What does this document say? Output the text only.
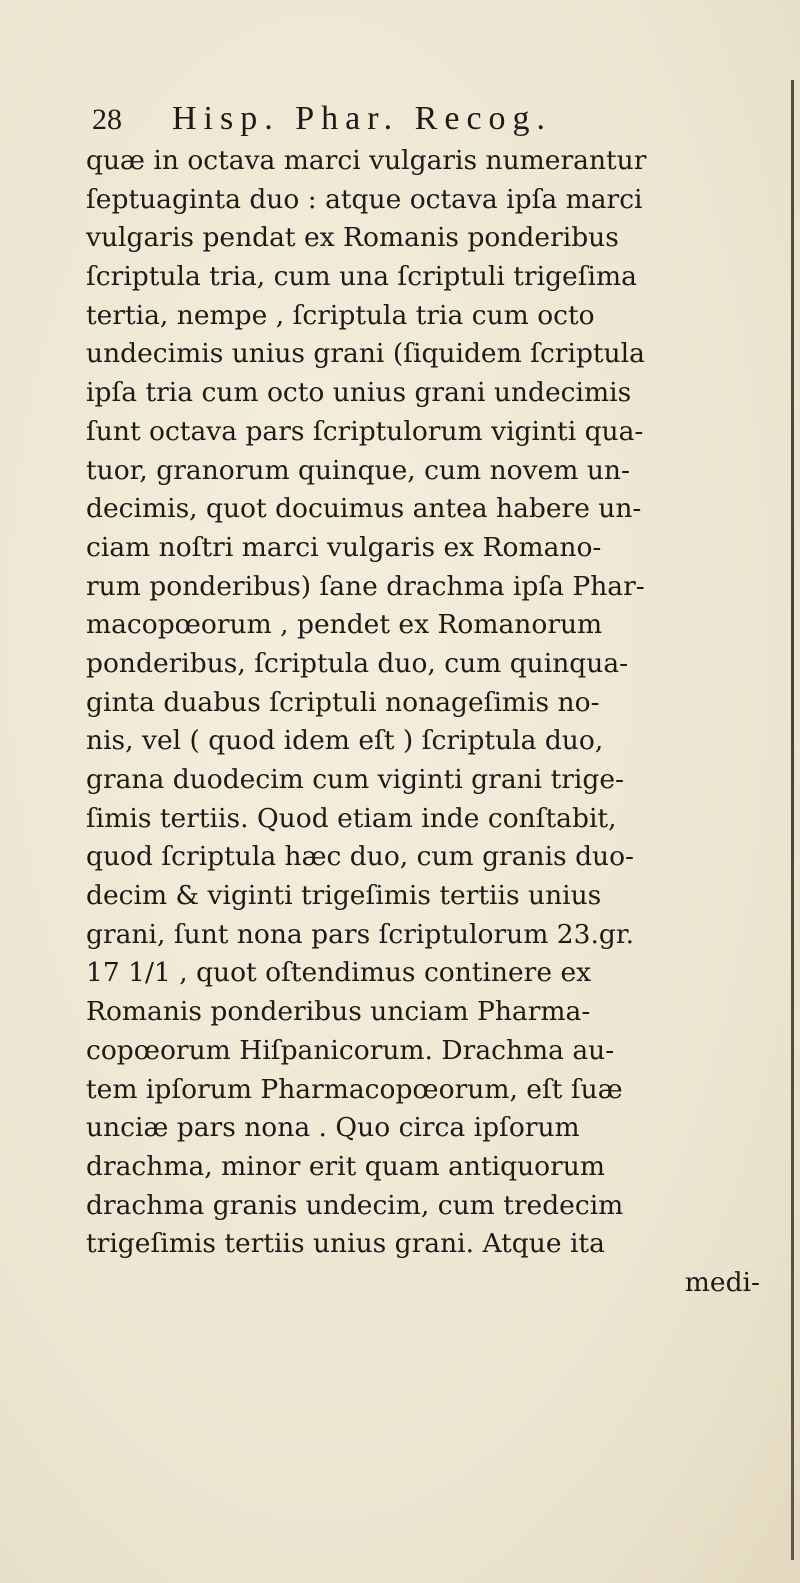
28	Hisp. Phar. Recog.
quæ in octava marci vulgaris numerantur
ſeptuaginta duo : atque octava ipſa marci
vulgaris pendat ex Romanis ponderibus
ſcriptula tria, cum una ſcriptuli trigeſima
tertia, nempe , ſcriptula tria cum octo
undecimis unius grani (ſiquidem ſcriptula
ipſa tria cum octo unius grani undecimis
ſunt octava pars ſcriptulorum viginti qua-
tuor, granorum quinque, cum novem un-
decimis, quot docuimus antea habere un-
ciam noſtri marci vulgaris ex Romano-
rum ponderibus) ſane drachma ipſa Phar-
macopœorum , pendet ex Romanorum
ponderibus, ſcriptula duo, cum quinqua-
ginta duabus ſcriptuli nonageſimis no-
nis, vel ( quod idem eſt ) ſcriptula duo,
grana duodecim cum viginti grani trige-
ſimis tertiis. Quod etiam inde conſtabit,
quod ſcriptula hæc duo, cum granis duo-
decim & viginti trigeſimis tertiis unius
grani, ſunt nona pars ſcriptulorum 23.gr.
17 1/1 , quot oſtendimus continere ex
Romanis ponderibus unciam Pharma-
copœorum Hiſpanicorum. Drachma au-
tem ipſorum Pharmacopœorum, eſt ſuæ
unciæ pars nona . Quo circa ipſorum
drachma, minor erit quam antiquorum
drachma granis undecim, cum tredecim
trigeſimis tertiis unius grani. Atque ita
medi-
